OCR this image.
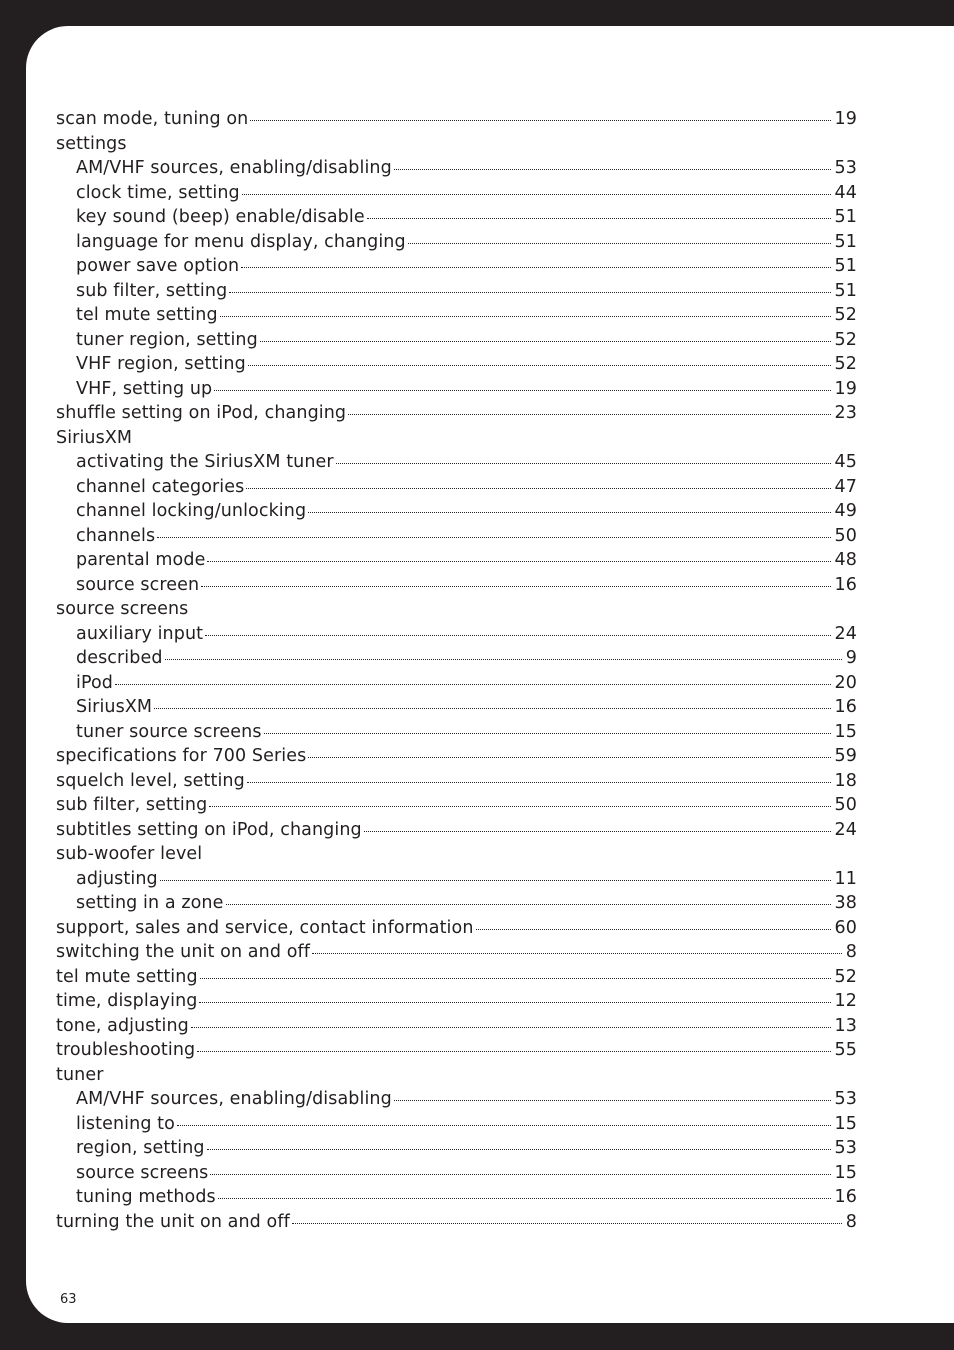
scan mode, tuning on	19
settings
AM/VHF sources, enabling/disabling	53
clock time, setting	44
key sound (beep) enable/disable	51
language for menu display, changing	51
power save option	51
sub filter, setting	51
tel mute setting	52
tuner region, setting	52
VHF region, setting	52
VHF, setting up	19
shuffle setting on iPod, changing	23
SiriusXM
activating the SiriusXM tuner	45
channel categories	47
channel locking/unlocking	49
channels	50
parental mode	48
source screen	16
source screens
auxiliary input	24
described	9
iPod	20
SiriusXM	16
tuner source screens	15
specifications for 700 Series	59
squelch level, setting	18
sub filter, setting	50
subtitles setting on iPod, changing	24
sub-woofer level
adjusting	11
setting in a zone	38
support, sales and service, contact information	60
switching the unit on and off	8
tel mute setting	52
time, displaying	12
tone, adjusting	13
troubleshooting	55
tuner
AM/VHF sources, enabling/disabling	53
listening to	15
region, setting	53
source screens	15
tuning methods	16
turning the unit on and off	8
63
